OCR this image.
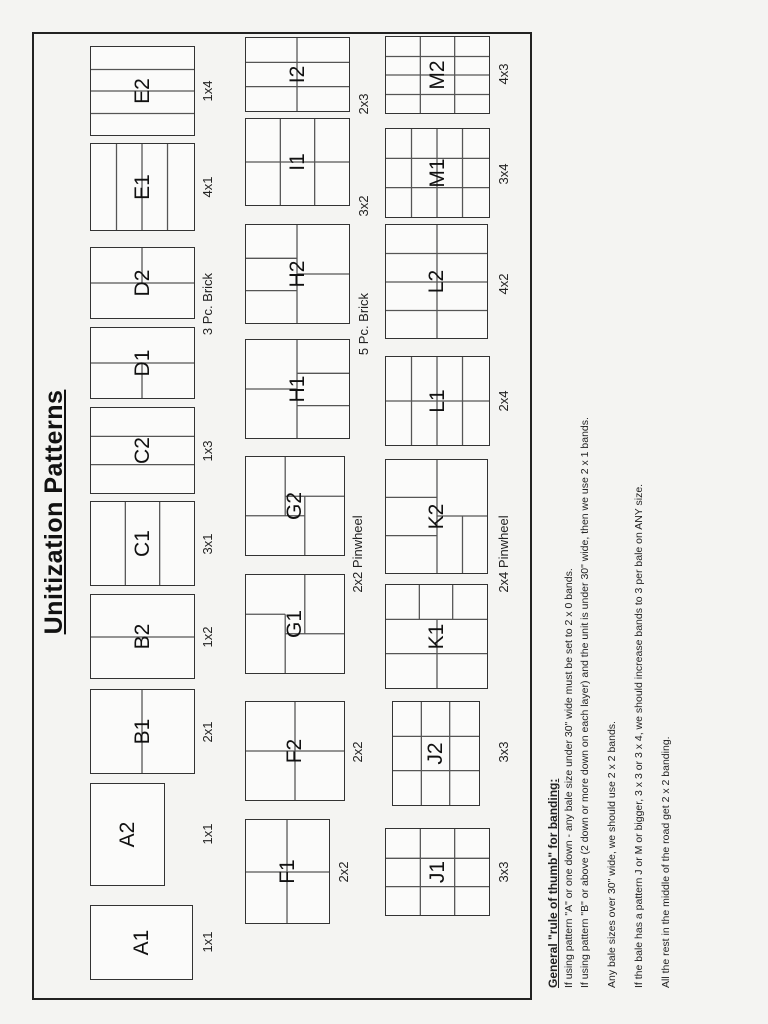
Unitization Patterns
A1	1x1
A2	1x1
B1	2x1
B2	1x2
C1	3x1
C2	1x3
D1
3 Pc. Brick
D2
E1	4x1
E2	1x4
F1	2x2
F2	2x2
G1
2x2 Pinwheel
G2
H1
5 Pc. Brick
H2
I1
3x2
I2
2x3
J1	3x3
J2	3x3
K1
2x4 Pinwheel
K2
L1	2x4
L2	4x2
M1	3x4
M2	4x3

General "rule of thumb" for banding: If using pattern "A" or one down - any bale size under 30" wide must be set to 2 x 0 bands. If using pattern "B" or above (2 down or more down on each layer) and the unit is under 30" wide, then we use 2 x 1 bands. Any bale sizes over 30" wide, we should use 2 x 2 bands. If the bale has a pattern J or M or bigger, 3 x 3 or 3 x 4, we should increase bands to 3 per bale on ANY size. All the rest in the middle of the road get 2 x 2 banding.
